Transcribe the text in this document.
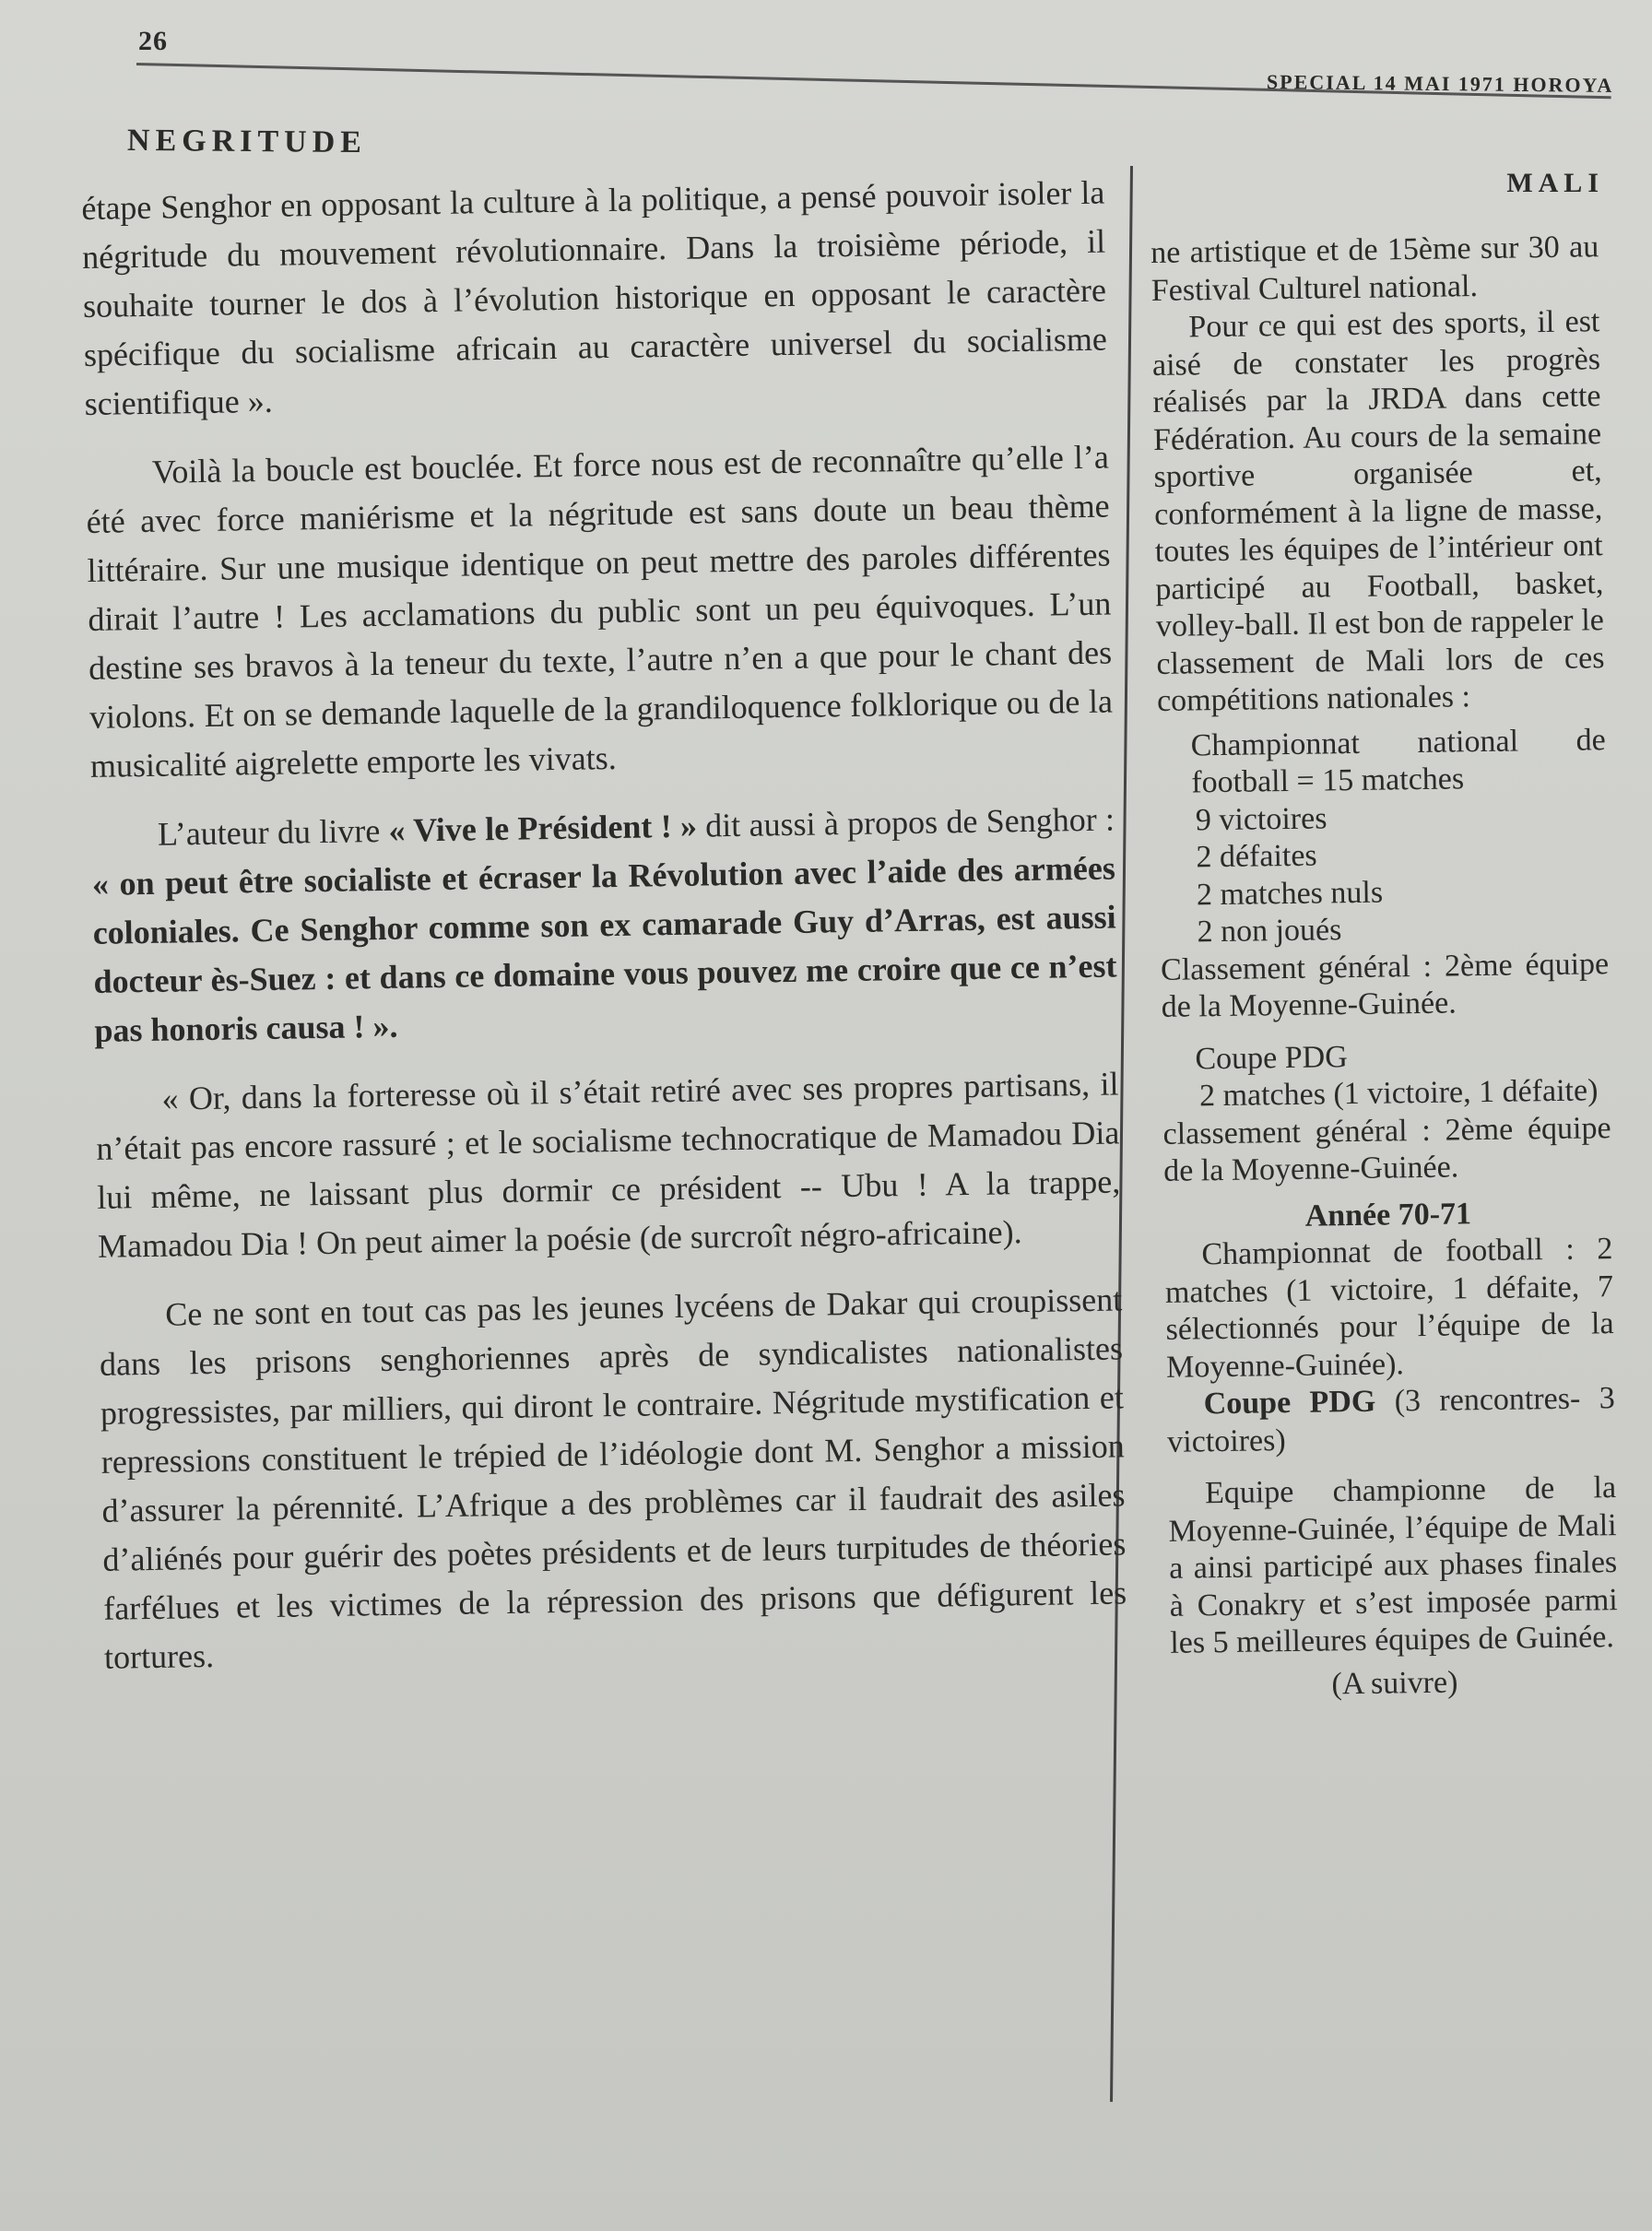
26
SPECIAL 14 MAI 1971 HOROYA
NEGRITUDE
MALI

étape Senghor en opposant la culture à la politique, a pensé pouvoir isoler la négritude du mouvement révolutionnaire. Dans la troisième période, il souhaite tourner le dos à l’évolution historique en opposant le caractère spécifique du socialisme africain au caractère universel du socialisme scientifique ».

Voilà la boucle est bouclée. Et force nous est de reconnaître qu’elle l’a été avec force maniérisme et la négritude est sans doute un beau thème littéraire. Sur une musique identique on peut mettre des paroles différentes dirait l’autre ! Les acclamations du public sont un peu équivoques. L’un destine ses bravos à la teneur du texte, l’autre n’en a que pour le chant des violons. Et on se demande laquelle de la grandiloquence folklorique ou de la musicalité aigrelette emporte les vivats.

L’auteur du livre « Vive le Président ! » dit aussi à propos de Senghor : « on peut être socialiste et écraser la Révolution avec l’aide des armées coloniales. Ce Senghor comme son ex camarade Guy d’Arras, est aussi docteur ès-Suez : et dans ce domaine vous pouvez me croire que ce n’est pas honoris causa ! ».

« Or, dans la forteresse où il s’était retiré avec ses propres partisans, il n’était pas encore rassuré ; et le socialisme technocratique de Mamadou Dia lui même, ne laissant plus dormir ce président -- Ubu ! A la trappe, Mamadou Dia ! On peut aimer la poésie (de surcroît négro-africaine).

Ce ne sont en tout cas pas les jeunes lycéens de Dakar qui croupissent dans les prisons senghoriennes après de syndicalistes nationalistes progressistes, par milliers, qui diront le contraire. Négritude mystification et repressions constituent le trépied de l’idéologie dont M. Senghor a mission d’assurer la pérennité. L’Afrique a des problèmes car il faudrait des asiles d’aliénés pour guérir des poètes présidents et de leurs turpitudes de théories farfélues et les victimes de la répression des prisons que défigurent les tortures.

ne artistique et de 15ème sur 30 au Festival Culturel national.

Pour ce qui est des sports, il est aisé de constater les progrès réalisés par la JRDA dans cette Fédération. Au cours de la semaine sportive organisée et, conformément à la ligne de masse, toutes les équipes de l’intérieur ont participé au Football, basket, volley-ball. Il est bon de rappeler le classement de Mali lors de ces compétitions nationales :

Championnat national de football = 15 matches

9 victoires

2 défaites

2 matches nuls

2 non joués

Classement général : 2ème équipe de la Moyenne-Guinée.

Coupe PDG

2 matches (1 victoire, 1 défaite)

classement général : 2ème équipe de la Moyenne-Guinée.

Année 70-71

Championnat de football : 2 matches (1 victoire, 1 défaite, 7 sélectionnés pour l’équipe de la Moyenne-Guinée).

Coupe PDG (3 rencontres- 3 victoires)

Equipe championne de la Moyenne-Guinée, l’équipe de Mali a ainsi participé aux phases finales à Conakry et s’est imposée parmi les 5 meilleures équipes de Guinée.

(A suivre)
